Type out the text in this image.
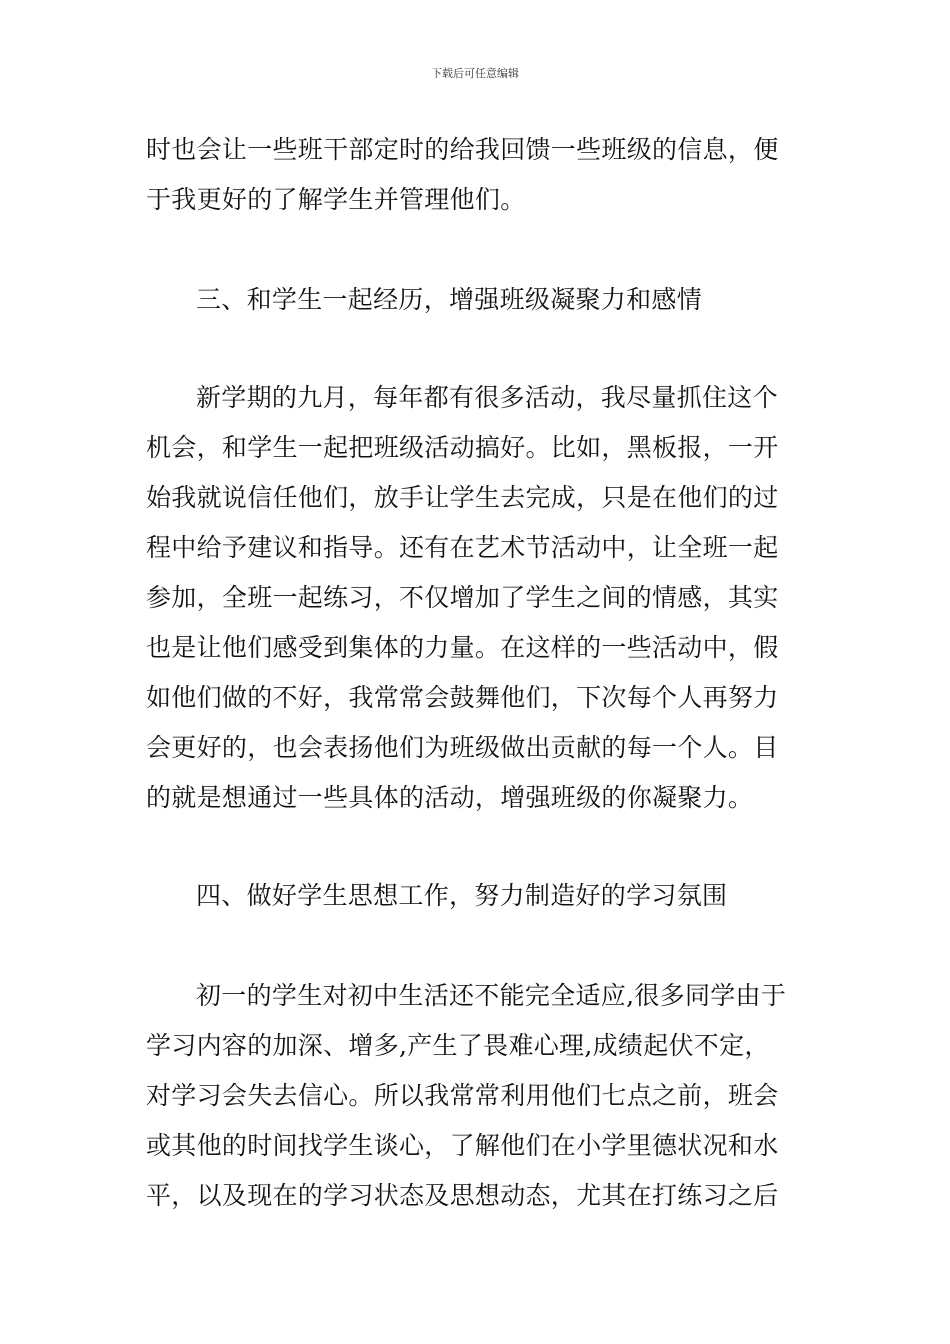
下载后可任意编辑
时也会让一些班干部定时的给我回馈一些班级的信息，便
于我更好的了解学生并管理他们。
三、和学生一起经历，增强班级凝聚力和感情
新学期的九月，每年都有很多活动，我尽量抓住这个
机会，和学生一起把班级活动搞好。比如，黑板报，一开
始我就说信任他们，放手让学生去完成，只是在他们的过
程中给予建议和指导。还有在艺术节活动中，让全班一起
参加，全班一起练习，不仅增加了学生之间的情感，其实
也是让他们感受到集体的力量。在这样的一些活动中，假
如他们做的不好，我常常会鼓舞他们，下次每个人再努力
会更好的，也会表扬他们为班级做出贡献的每一个人。目
的就是想通过一些具体的活动，增强班级的你凝聚力。
四、做好学生思想工作，努力制造好的学习氛围
初一的学生对初中生活还不能完全适应,很多同学由于
学习内容的加深、增多,产生了畏难心理,成绩起伏不定，
对学习会失去信心。所以我常常利用他们七点之前，班会
或其他的时间找学生谈心，了解他们在小学里德状况和水
平，以及现在的学习状态及思想动态，尤其在打练习之后
